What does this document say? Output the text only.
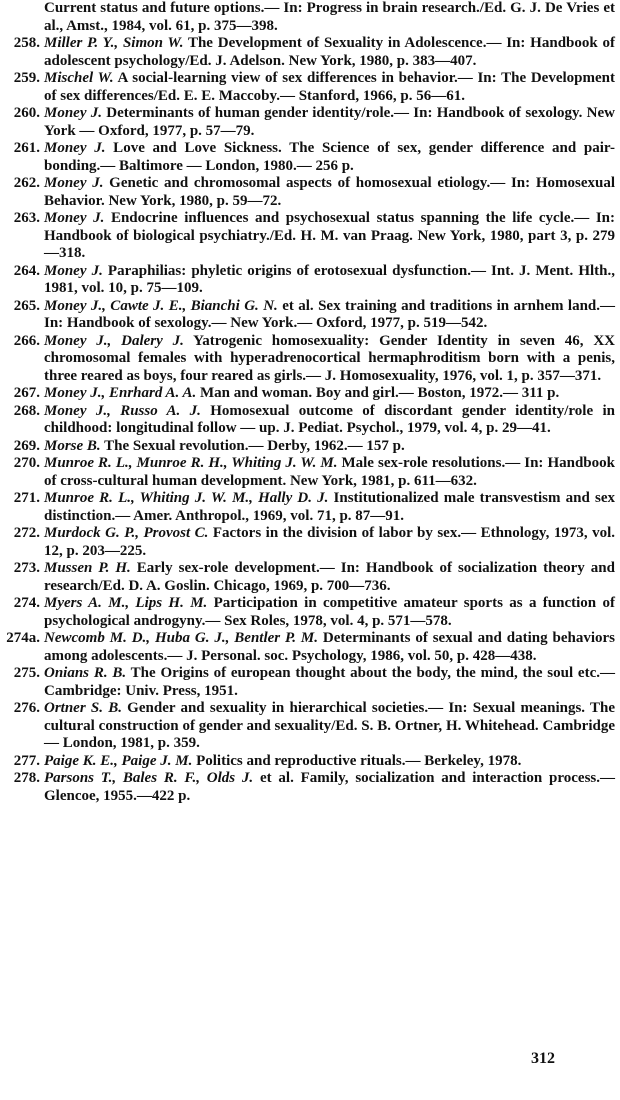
Current status and future options.— In: Progress in brain research./Ed. G. J. De Vries et al., Amst., 1984, vol. 61, p. 375—398.
258. Miller P. Y., Simon W. The Development of Sexuality in Adolescence.— In: Handbook of adolescent psychology/Ed. J. Adelson. New York, 1980, p. 383—407.
259. Mischel W. A social-learning view of sex differences in behavior.— In: The Development of sex differences/Ed. E. E. Maccoby.— Stanford, 1966, p. 56—61.
260. Money J. Determinants of human gender identity/role.— In: Handbook of sexology. New York — Oxford, 1977, p. 57—79.
261. Money J. Love and Love Sickness. The Science of sex, gender difference and pair-bonding.— Baltimore — London, 1980.— 256 p.
262. Money J. Genetic and chromosomal aspects of homosexual etiology.— In: Homosexual Behavior. New York, 1980, p. 59—72.
263. Money J. Endocrine influences and psychosexual status spanning the life cycle.— In: Handbook of biological psychiatry./Ed. H. M. van Praag. New York, 1980, part 3, p. 279—318.
264. Money J. Paraphilias: phyletic origins of erotosexual dysfunction.— Int. J. Ment. Hlth., 1981, vol. 10, p. 75—109.
265. Money J., Cawte J. E., Bianchi G. N. et al. Sex training and traditions in arnhem land.— In: Handbook of sexology.— New York.— Oxford, 1977, p. 519—542.
266. Money J., Dalery J. Yatrogenic homosexuality: Gender Identity in seven 46, XX chromosomal females with hyperadrenocortical hermaphroditism born with a penis, three reared as boys, four reared as girls.— J. Homosexuality, 1976, vol. 1, p. 357—371.
267. Money J., Enrhard A. A. Man and woman. Boy and girl.— Boston, 1972.— 311 p.
268. Money J., Russo A. J. Homosexual outcome of discordant gender identity/role in childhood: longitudinal follow — up. J. Pediat. Psychol., 1979, vol. 4, p. 29—41.
269. Morse B. The Sexual revolution.— Derby, 1962.— 157 p.
270. Munroe R. L., Munroe R. H., Whiting J. W. M. Male sex-role resolutions.— In: Handbook of cross-cultural human development. New York, 1981, p. 611—632.
271. Munroe R. L., Whiting J. W. M., Hally D. J. Institutionalized male transvestism and sex distinction.— Amer. Anthropol., 1969, vol. 71, p. 87—91.
272. Murdock G. P., Provost C. Factors in the division of labor by sex.— Ethnology, 1973, vol. 12, p. 203—225.
273. Mussen P. H. Early sex-role development.— In: Handbook of socialization theory and research/Ed. D. A. Goslin. Chicago, 1969, p. 700—736.
274. Myers A. M., Lips H. M. Participation in competitive amateur sports as a function of psychological androgyny.— Sex Roles, 1978, vol. 4, p. 571—578.
274a. Newcomb M. D., Huba G. J., Bentler P. M. Determinants of sexual and dating behaviors among adolescents.— J. Personal. soc. Psychology, 1986, vol. 50, p. 428—438.
275. Onians R. B. The Origins of european thought about the body, the mind, the soul etc.— Cambridge: Univ. Press, 1951.
276. Ortner S. B. Gender and sexuality in hierarchical societies.— In: Sexual meanings. The cultural construction of gender and sexuality/Ed. S. B. Ortner, H. Whitehead. Cambridge — London, 1981, p. 359.
277. Paige K. E., Paige J. M. Politics and reproductive rituals.— Berkeley, 1978.
278. Parsons T., Bales R. F., Olds J. et al. Family, socialization and interaction process.— Glencoe, 1955.—422 p.
312
